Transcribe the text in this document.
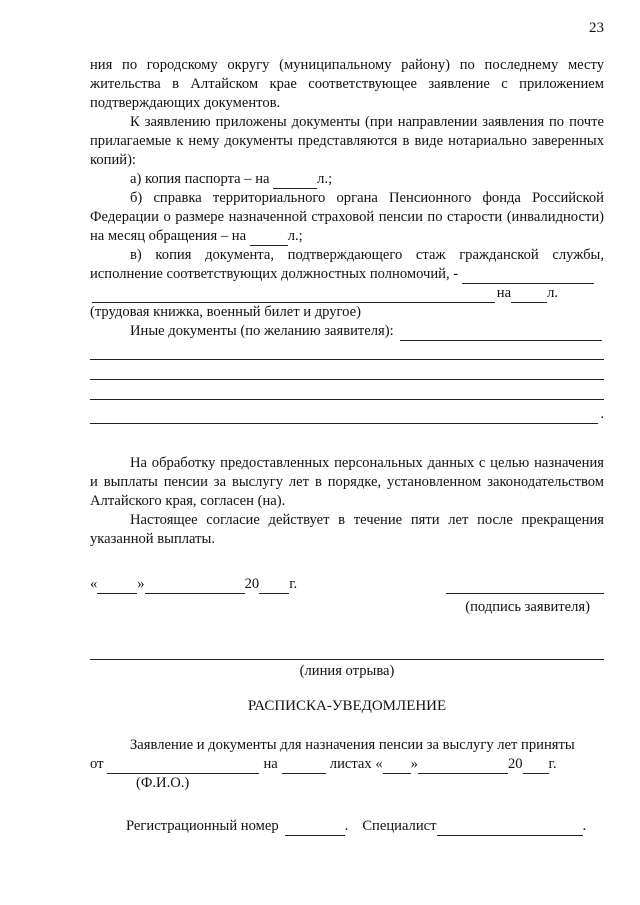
23

ния по городскому округу (муниципальному району) по последнему месту жительства в Алтайском крае соответствующее заявление с приложением подтверждающих документов.

К заявлению приложены документы (при направлении заявления по почте прилагаемые к нему документы представляются в виде нотариально заверенных копий):

а) копия паспорта – на	л.;

б) справка территориального органа Пенсионного фонда Российской Федерации о размере назначенной страховой пенсии по старости (инвалидности) на месяц обращения – на	л.;

в) копия документа, подтверждающего стаж гражданской службы, исполнение соответствующих должностных полномочий, -

на л.

(трудовая книжка, военный билет и другое)

Иные документы (по желанию заявителя):
.

На обработку предоставленных персональных данных с целью назначения и выплаты пенсии за выслугу лет в порядке, установленном законодательством Алтайского края, согласен (на).

Настоящее согласие действует в течение пяти лет после прекращения указанной выплаты.

«	»	20 г.
(подпись заявителя)
(линия отрыва)
РАСПИСКА-УВЕДОМЛЕНИЕ

Заявление и документы для назначения пенсии за выслугу лет приняты

от	на	листах « »	20 г.
(Ф.И.О.)
Регистрационный номер	. Специалист	.
